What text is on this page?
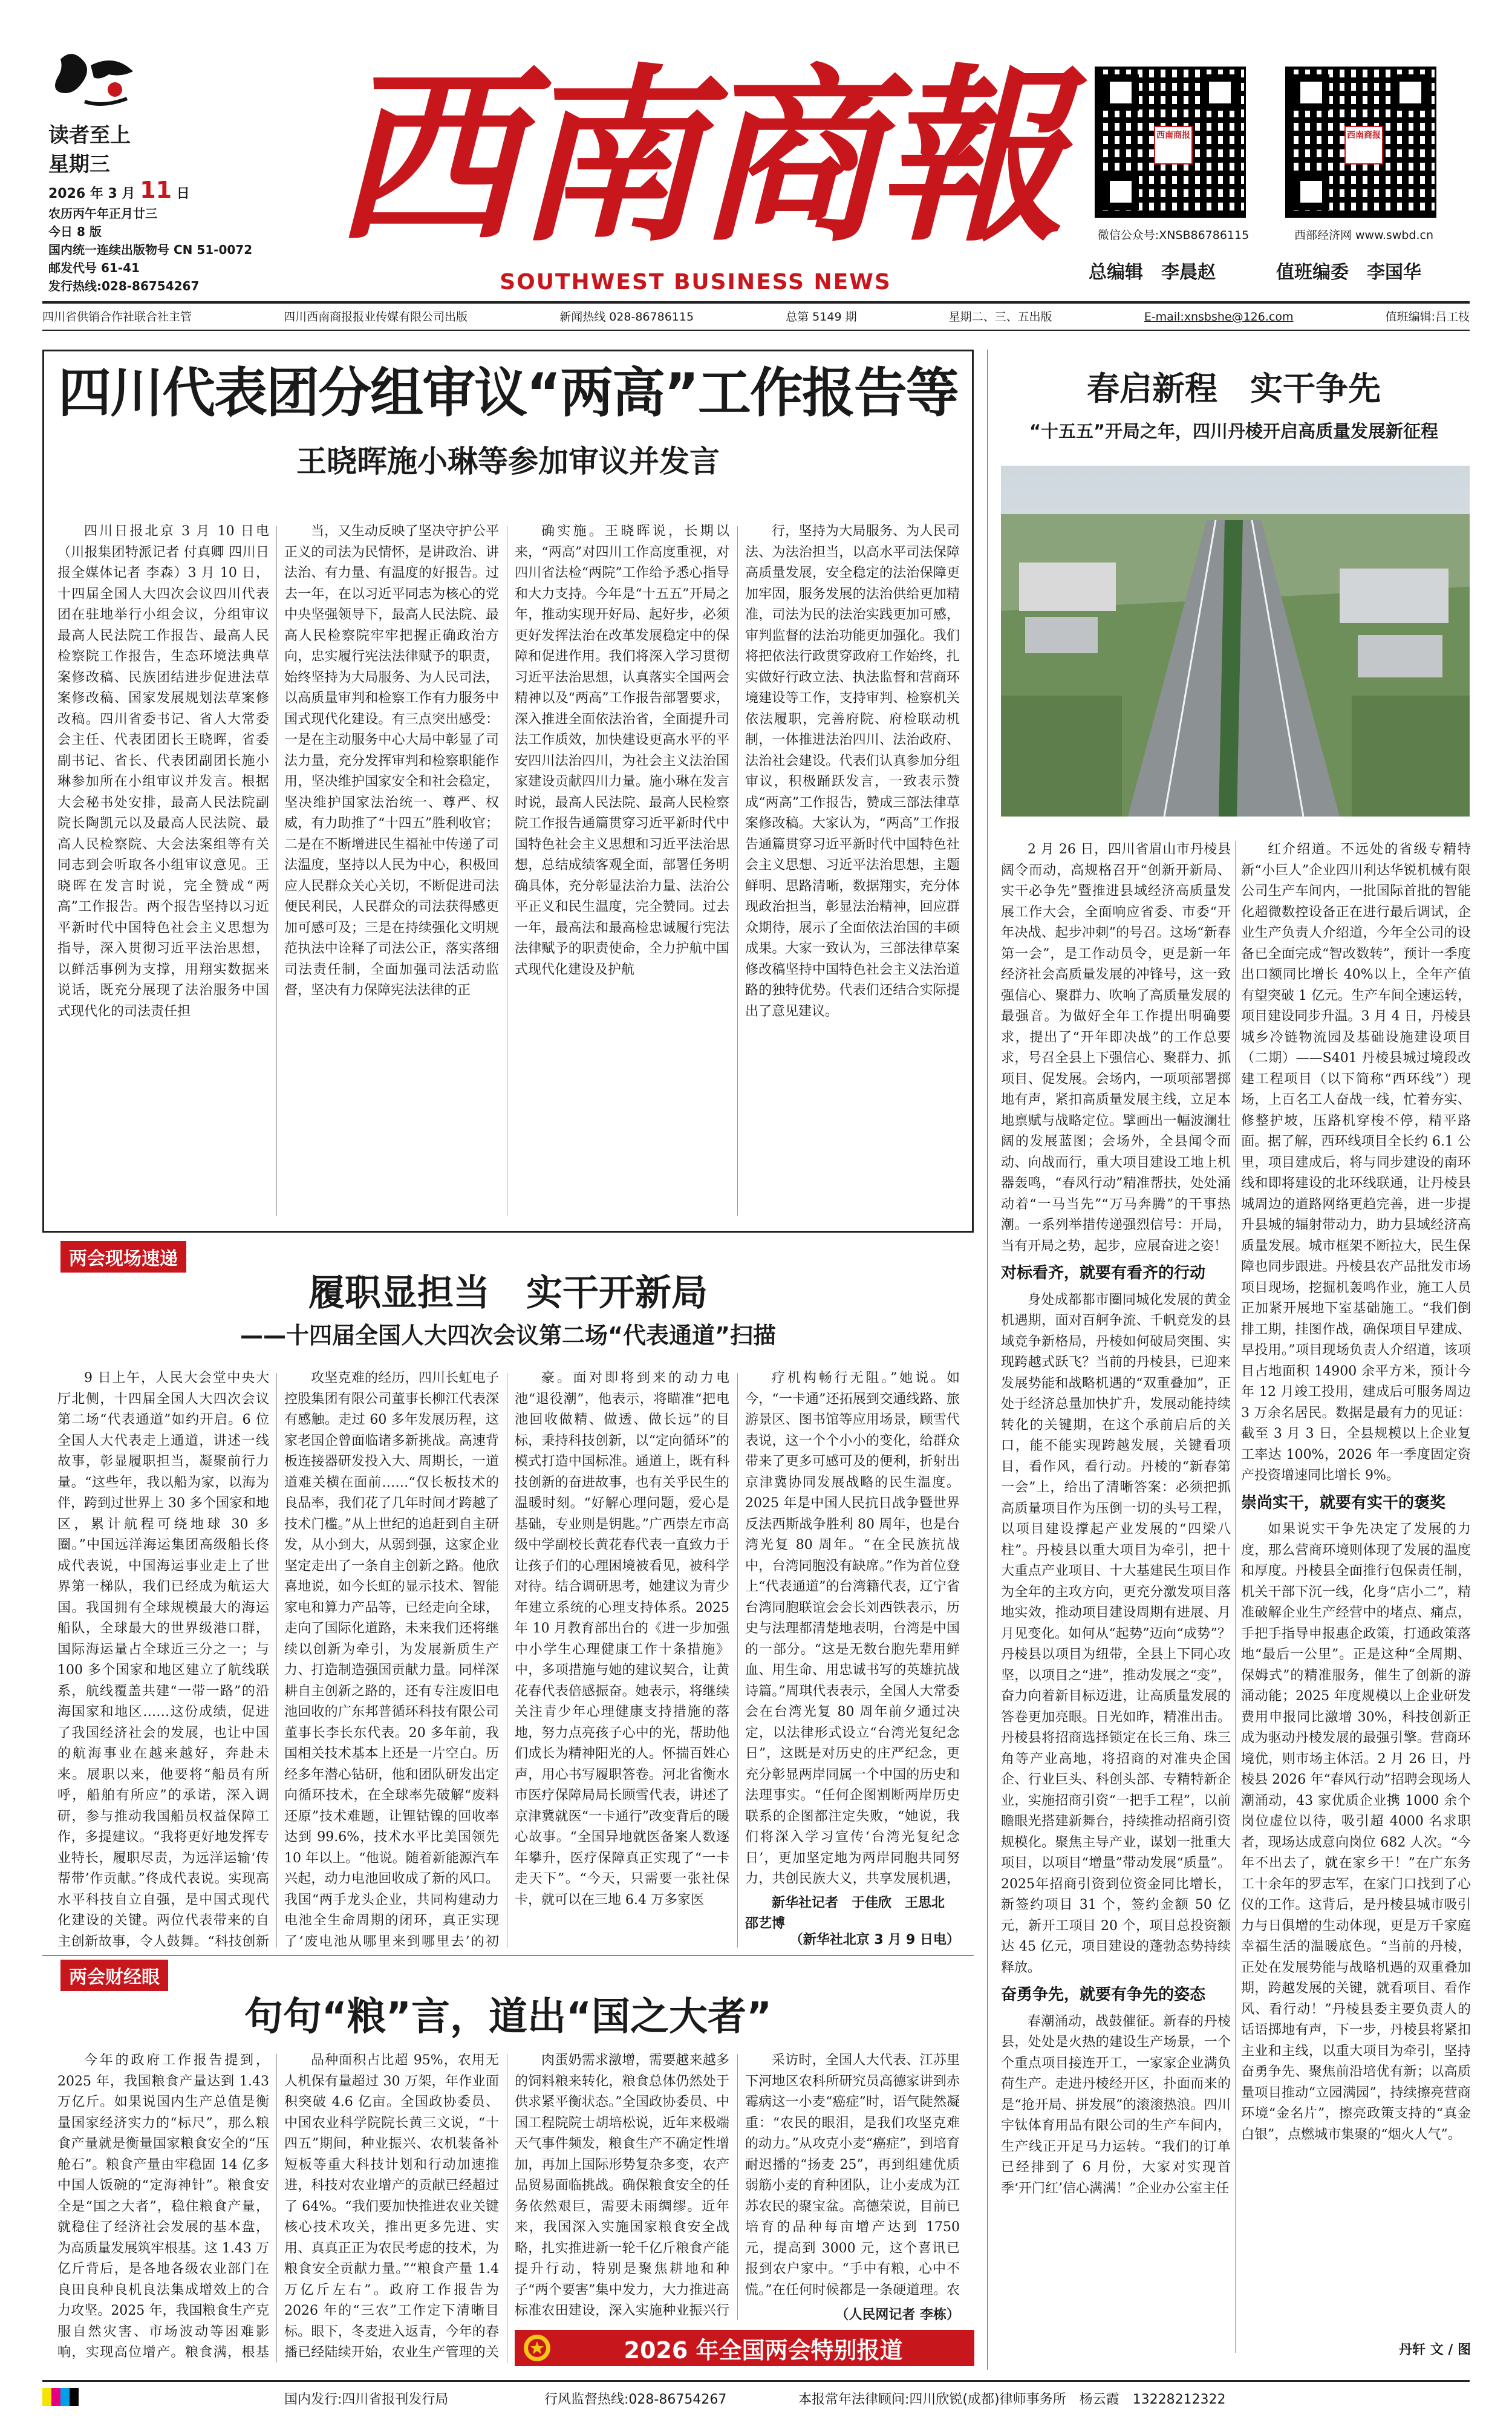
读者至上
星期三
2026 年 3 月 11 日
农历丙午年正月廿三
今日 8 版
国内统一连续出版物号 CN 51-0072
邮发代号 61-41
发行热线:028-86754267
西南商報
SOUTHWEST BUSINESS NEWS
西南商报	西南商报
微信公众号:XNSB86786115	西部经济网 www.swbd.cn
总编辑　李晨赵	值班编委　李国华
四川省供销合作社联合社主管	四川西南商报报业传媒有限公司出版	新闻热线 028-86786115	总第 5149 期	星期二、三、五出版	E-mail:xnsbshe@126.com	值班编辑:吕工枝
四川代表团分组审议“两高”工作报告等
王晓晖施小琳等参加审议并发言

四川日报北京 3 月 10 日电（川报集团特派记者 付真卿 四川日报全媒体记者 李森）3 月 10 日，十四届全国人大四次会议四川代表团在驻地举行小组会议，分组审议最高人民法院工作报告、最高人民检察院工作报告，生态环境法典草案修改稿、民族团结进步促进法草案修改稿、国家发展规划法草案修改稿。四川省委书记、省人大常委会主任、代表团团长王晓晖，省委副书记、省长、代表团副团长施小琳参加所在小组审议并发言。根据大会秘书处安排，最高人民法院副院长陶凯元以及最高人民法院、最高人民检察院、大会法案组等有关同志到会听取各小组审议意见。王晓晖在发言时说，完全赞成“两高”工作报告。两个报告坚持以习近平新时代中国特色社会主义思想为指导，深入贯彻习近平法治思想，以鲜活事例为支撑，用翔实数据来说话，既充分展现了法治服务中国式现代化的司法责任担

当，又生动反映了坚决守护公平正义的司法为民情怀，是讲政治、讲法治、有力量、有温度的好报告。过去一年，在以习近平同志为核心的党中央坚强领导下，最高人民法院、最高人民检察院牢牢把握正确政治方向，忠实履行宪法法律赋予的职责，始终坚持为大局服务、为人民司法，以高质量审判和检察工作有力服务中国式现代化建设。有三点突出感受：一是在主动服务中心大局中彰显了司法力量，充分发挥审判和检察职能作用，坚决维护国家安全和社会稳定，坚决维护国家法治统一、尊严、权威，有力助推了“十四五”胜利收官；二是在不断增进民生福祉中传递了司法温度，坚持以人民为中心，积极回应人民群众关心关切，不断促进司法便民利民，人民群众的司法获得感更加可感可及；三是在持续强化文明规范执法中诠释了司法公正，落实落细司法责任制，全面加强司法活动监督，坚决有力保障宪法法律的正

确实施。王晓晖说，长期以来，“两高”对四川工作高度重视，对四川省法检“两院”工作给予悉心指导和大力支持。今年是“十五五”开局之年，推动实现开好局、起好步，必须更好发挥法治在改革发展稳定中的保障和促进作用。我们将深入学习贯彻习近平法治思想，认真落实全国两会精神以及“两高”工作报告部署要求，深入推进全面依法治省，全面提升司法工作质效，加快建设更高水平的平安四川法治四川，为社会主义法治国家建设贡献四川力量。施小琳在发言时说，最高人民法院、最高人民检察院工作报告通篇贯穿习近平新时代中国特色社会主义思想和习近平法治思想，总结成绩客观全面，部署任务明确具体，充分彰显法治力量、法治公平正义和民生温度，完全赞同。过去一年，最高法和最高检忠诚履行宪法法律赋予的职责使命，全力护航中国式现代化建设及护航

行，坚持为大局服务、为人民司法、为法治担当，以高水平司法保障高质量发展，安全稳定的法治保障更加牢固，服务发展的法治供给更加精准，司法为民的法治实践更加可感，审判监督的法治功能更加强化。我们将把依法行政贯穿政府工作始终，扎实做好行政立法、执法监督和营商环境建设等工作，支持审判、检察机关依法履职，完善府院、府检联动机制，一体推进法治四川、法治政府、法治社会建设。代表们认真参加分组审议，积极踊跃发言，一致表示赞成“两高”工作报告，赞成三部法律草案修改稿。大家认为，“两高”工作报告通篇贯穿习近平新时代中国特色社会主义思想、习近平法治思想，主题鲜明、思路清晰，数据翔实，充分体现政治担当，彰显法治精神，回应群众期待，展示了全面依法治国的丰硕成果。大家一致认为，三部法律草案修改稿坚持中国特色社会主义法治道路的独特优势。代表们还结合实际提出了意见建议。

两会现场速递
履职显担当　实干开新局
——十四届全国人大四次会议第二场“代表通道”扫描

9 日上午，人民大会堂中央大厅北侧，十四届全国人大四次会议第二场“代表通道”如约开启。6 位全国人大代表走上通道，讲述一线故事，彰显履职担当，凝聚前行力量。“这些年，我以船为家，以海为伴，跨到过世界上 30 多个国家和地区，累计航程可绕地球 30 多圈。”中国远洋海运集团高级船长佟成代表说，中国海运事业走上了世界第一梯队，我们已经成为航运大国。我国拥有全球规模最大的海运船队，全球最大的世界级港口群，国际海运量占全球近三分之一；与 100 多个国家和地区建立了航线联系，航线覆盖共建“一带一路”的沿海国家和地区……这份成绩，促进了我国经济社会的发展，也让中国的航海事业在越来越好，奔赴未来。展职以来，他要将“船员有所呼，船舶有所应”的承诺，深入调研，参与推动我国船员权益保障工作，多提建议。“我将更好地发挥专业特长，履职尽责，为远洋运输‘传帮带’作贡献。”佟成代表说。实现高水平科技自立自强，是中国式现代化建设的关键。两位代表带来的自主创新故事，令人鼓舞。“科技创新

攻坚克难的经历，四川长虹电子控股集团有限公司董事长柳江代表深有感触。走过 60 多年发展历程，这家老国企曾面临诸多新挑战。高速背板连接器研发投入大、周期长，一道道难关横在面前……“仅长板技术的良品率，我们花了几年时间才跨越了技术门槛。”从上世纪的追赶到自主研发，从小到大，从弱到强，这家企业坚定走出了一条自主创新之路。他欣喜地说，如今长虹的显示技术、智能家电和算力产品等，已经走向全球，走向了国际化道路，未来我们还将继续以创新为牵引，为发展新质生产力、打造制造强国贡献力量。同样深耕自主创新之路的，还有专注废旧电池回收的广东邦普循环科技有限公司董事长李长东代表。20 多年前，我国相关技术基本上还是一片空白。历经多年潜心钻研，他和团队研发出定向循环技术，在全球率先破解“废料还原”技术难题，让锂钴镍的回收率达到 99.6%，技术水平比美国领先 10 年以上。“他说。随着新能源汽车兴起，动力电池回收成了新的风口。我国“两手龙头企业，共同构建动力电池全生命周期的闭环，真正实现了‘废电池从哪里来到哪里去’的初

豪。面对即将到来的动力电池“退役潮”，他表示，将瞄准“把电池回收做精、做透、做长远”的目标，秉持科技创新，以“定向循环”的模式打造中国标准。通道上，既有科技创新的奋进故事，也有关乎民生的温暖时刻。“好解心理问题，爱心是基础，专业则是钥匙。”广西崇左市高级中学副校长黄花春代表一直致力于让孩子们的心理困境被看见，被科学对待。结合调研思考，她建议为青少年建立系统的心理支持体系。2025 年 10 月教育部出台的《进一步加强中小学生心理健康工作十条措施》中，多项措施与她的建议契合，让黄花春代表倍感振奋。她表示，将继续关注青少年心理健康支持措施的落地，努力点亮孩子心中的光，帮助他们成长为精神阳光的人。怀揣百姓心声，用心书写履职答卷。河北省衡水市医疗保障局局长顾雪代表，讲述了京津冀就医“一卡通行”改变背后的暖心故事。“全国异地就医备案人数逐年攀升，医疗保障真正实现了“一卡走天下”。“今天，只需要一张社保卡，就可以在三地 6.4 万多家医

疗机构畅行无阻。”她说。如今，“一卡通”还拓展到交通线路、旅游景区、图书馆等应用场景，顾雪代表说，这一个个小小的变化，给群众带来了更多可感可及的便利，折射出京津冀协同发展战略的民生温度。2025 年是中国人民抗日战争暨世界反法西斯战争胜利 80 周年，也是台湾光复 80 周年。“在全民族抗战中，台湾同胞没有缺席。”作为首位登上“代表通道”的台湾籍代表，辽宁省台湾同胞联谊会会长刘西铁表示，历史与法理都清楚地表明，台湾是中国的一部分。“这是无数台胞先辈用鲜血、用生命、用忠诚书写的英雄抗战诗篇。”周琪代表表示，全国人大常委会在台湾光复 80 周年前夕通过决定，以法律形式设立“台湾光复纪念日”，这既是对历史的庄严纪念，更充分彰显两岸同属一个中国的历史和法理事实。“任何企图割断两岸历史联系的企图都注定失败，“她说，我们将深入学习宣传‘台湾光复纪念日’，更加坚定地为两岸同胞共同努力，共创民族大义，共享发展机遇，

新华社记者　于佳欣　王思北　邵艺博
（新华社北京 3 月 9 日电）
两会财经眼
句句“粮”言，道出“国之大者”

今年的政府工作报告提到，2025 年，我国粮食产量达到 1.43 万亿斤。如果说国内生产总值是衡量国家经济实力的“标尺”，那么粮食产量就是衡量国家粮食安全的“压舱石”。粮食产量由牢稳固 14 亿多中国人饭碗的“定海神针”。粮食安全是“国之大者”，稳住粮食产量，就稳住了经济社会发展的基本盘，为高质量发展筑牢根基。这 1.43 万亿斤背后，是各地各级农业部门在良田良种良机良法集成增效上的合力攻坚。2025 年，我国粮食生产克服自然灾害、市场波动等困难影响，实现高位增产。粮食满，根基

品种面积占比超 95%，农用无人机保有量超过 30 万架，年作业面积突破 4.6 亿亩。全国政协委员、中国农业科学院院长黄三文说，“十四五”期间，种业振兴、农机装备补短板等重大科技计划和行动加速推进，科技对农业增产的贡献已经超过了 64%。“我们要加快推进农业关键核心技术攻关，推出更多先进、实用、真真正正为农民考虑的技术，为粮食安全贡献力量。”“粮食产量 1.4 万亿斤左右”。政府工作报告为 2026 年的“三农”工作定下清晰目标。眼下，冬麦进入返青，今年的春播已经陆续开始，农业生产管理的关

肉蛋奶需求激增，需要越来越多的饲料粮来转化，粮食总体仍然处于供求紧平衡状态。”全国政协委员、中国工程院院士胡培松说，近年来极端天气事件频发，粮食生产不确定性增加，再加上国际形势复杂多变，农产品贸易面临挑战。确保粮食安全的任务依然艰巨，需要未雨绸缪。近年来，我国深入实施国家粮食安全战略，扎实推进新一轮千亿斤粮食产能提升行动，特别是聚焦耕地和种子“两个要害”集中发力，大力推进高标准农田建设，深入实施种业振兴行

采访时，全国人大代表、江苏里下河地区农科所研究员高德家讲到赤霉病这一小麦“癌症”时，语气陡然凝重：“农民的眼泪，是我们攻坚克难的动力。”从攻克小麦“癌症”，到培育耐迟播的“扬麦 25”，再到组建优质弱筋小麦的育种团队，让小麦成为江苏农民的聚宝盆。高德荣说，目前已培育的品种每亩增产达到 1750 元，提高到 3000 元，这个喜讯已报到农户家中。“手中有粮，心中不慌。”在任何时候都是一条硬道理。农

（人民网记者 李栋）
2026 年全国两会特别报道
春启新程　实干争先
“十五五”开局之年，四川丹棱开启高质量发展新征程

2 月 26 日，四川省眉山市丹棱县阔令而动，高规格召开“创新开新局、实干必争先”暨推进县域经济高质量发展工作大会，全面响应省委、市委“开年决战、起步冲刺”的号召。这场“新春第一会”，是工作动员令，更是新一年经济社会高质量发展的冲锋号，这一致强信心、聚群力、吹响了高质量发展的最强音。为做好全年工作提出明确要求，提出了“开年即决战”的工作总要求，号召全县上下强信心、聚群力、抓项目、促发展。会场内，一项项部署掷地有声，紧扣高质量发展主线，立足本地禀赋与战略定位。擘画出一幅波澜壮阔的发展蓝图；会场外，全县闻令而动、向战而行，重大项目建设工地上机器轰鸣，“春风行动”精准帮扶，处处涌动着“一马当先”“万马奔腾”的干事热潮。一系列举措传递强烈信号：开局，当有开局之势，起步，应展奋进之姿！

对标看齐，就要有看齐的行动

身处成都都市圈同城化发展的黄金机遇期，面对百舸争流、千帆竞发的县域竞争新格局，丹棱如何破局突围、实现跨越式跃飞？当前的丹棱县，已迎来发展势能和战略机遇的“双重叠加”，正处于经济总量加快扩升，发展动能持续转化的关键期，在这个承前启后的关口，能不能实现跨越发展，关键看项目，看作风，看行动。丹棱的“新春第一会”上，给出了清晰答案：必须把抓高质量项目作为压倒一切的头号工程，以项目建设撑起产业发展的“四梁八柱”。丹棱县以重大项目为牵引，把十大重点产业项目、十大基建民生项目作为全年的主攻方向，更充分激发项目落地实效，推动项目建设周期有进展、月月见变化。如何从“起势”迈向“成势”？丹棱县以项目为纽带，全县上下同心攻坚，以项目之“进”，推动发展之“变”，奋力向着新目标迈进，让高质量发展的答卷更加亮眼。日光如昨，精准出击。丹棱县将招商选择锁定在长三角、珠三角等产业高地，将招商的对准央企国企、行业巨头、科创头部、专精特新企业，实施招商引资“一把手工程”，以前瞻眼光搭建新舞台，持续推动招商引资规模化。聚焦主导产业，谋划一批重大项目，以项目“增量”带动发展“质量”。2025年招商引资到位资金同比增长，新签约项目 31 个，签约金额 50 亿元，新开工项目 20 个，项目总投资额达 45 亿元，项目建设的蓬勃态势持续释放。

奋勇争先，就要有争先的姿态

春潮涌动，战鼓催征。新春的丹棱县，处处是火热的建设生产场景，一个个重点项目接连开工，一家家企业满负荷生产。走进丹棱经开区，扑面而来的是“抢开局、拼发展”的滚滚热浪。四川宇钛体育用品有限公司的生产车间内，生产线正开足马力运转。“我们的订单已经排到了 6 月份，大家对实现首季‘开门红’信心满满！”企业办公室主任

红介绍道。不远处的省级专精特新“小巨人”企业四川利达华锐机械有限公司生产车间内，一批国际首批的智能化超微数控设备正在进行最后调试，企业生产负责人介绍道，今年全公司的设备已全面完成“智改数转”，预计一季度出口额同比增长 40%以上，全年产值有望突破 1 亿元。生产车间全速运转，项目建设同步升温。3 月 4 日，丹棱县城乡冷链物流园及基础设施建设项目（二期）——S401 丹棱县城过境段改建工程项目（以下简称“西环线”）现场，上百名工人奋战一线，忙着夯实、修整护坡，压路机穿梭不停，精平路面。据了解，西环线项目全长约 6.1 公里，项目建成后，将与同步建设的南环线和即将建设的北环线联通，让丹棱县城周边的道路网络更趋完善，进一步提升县城的辐射带动力，助力县域经济高质量发展。城市框架不断拉大，民生保障也同步跟进。丹棱县农产品批发市场项目现场，挖掘机轰鸣作业，施工人员正加紧开展地下室基础施工。“我们倒排工期，挂图作战，确保项目早建成、早投用。”项目现场负责人介绍道，该项目占地面积 14900 余平方米，预计今年 12 月竣工投用，建成后可服务周边 3 万余名居民。数据是最有力的见证：截至 3 月 3 日，全县规模以上企业复工率达 100%，2026 年一季度固定资产投资增速同比增长 9%。

崇尚实干，就要有实干的褒奖

如果说实干争先决定了发展的力度，那么营商环境则体现了发展的温度和厚度。丹棱县全面推行包保责任制，机关干部下沉一线，化身“店小二”，精准破解企业生产经营中的堵点、痛点，手把手指导申报惠企政策，打通政策落地“最后一公里”。正是这种“全周期、保姆式”的精准服务，催生了创新的游涌动能；2025 年度规模以上企业研发费用申报同比激增 30%，科技创新正成为驱动丹棱发展的最强引擎。营商环境优，则市场主体活。2 月 26 日，丹棱县 2026 年“春风行动”招聘会现场人潮涌动，43 家优质企业携 1000 余个岗位虚位以待，吸引超 4000 名求职者，现场达成意向岗位 682 人次。“今年不出去了，就在家乡干！”在广东务工十余年的罗志军，在家门口找到了心仪的工作。这背后，是丹棱县城市吸引力与日俱增的生动体现，更是万千家庭幸福生活的温暖底色。“当前的丹棱，正处在发展势能与战略机遇的双重叠加期，跨越发展的关键，就看项目、看作风、看行动！”丹棱县委主要负责人的话语掷地有声，下一步，丹棱县将紧扣主业和主线，以重大项目为牵引，坚持奋勇争先、聚焦前沿培优有新；以高质量项目推动“立园满园”，持续擦亮营商环境“金名片”，擦亮政策支持的“真金白银”，点燃城市集聚的“烟火人气”。

丹轩 文 / 图
国内发行:四川省报刊发行局	行风监督热线:028-86754267	本报常年法律顾问:四川欣锐(成都)律师事务所　杨云霞　13228212322
